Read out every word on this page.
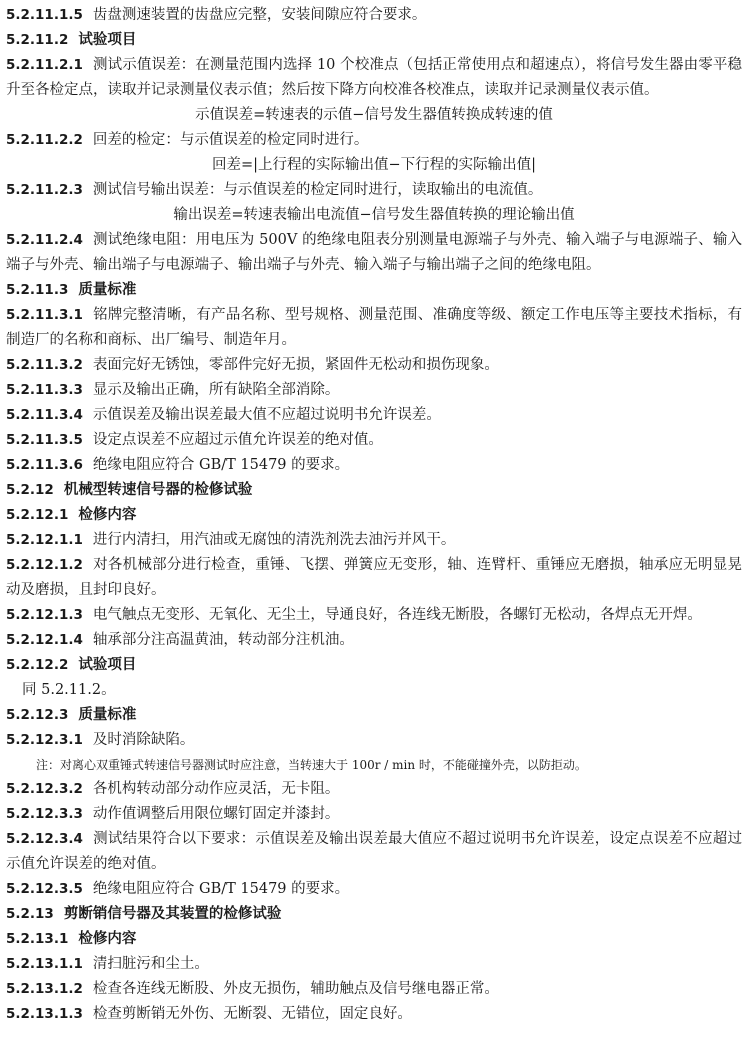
5.2.11.1.5 齿盘测速装置的齿盘应完整，安装间隙应符合要求。

5.2.11.2 试验项目

5.2.11.2.1 测试示值误差：在测量范围内选择 10 个校准点（包括正常使用点和超速点），将信号发生器由零平稳升至各检定点，读取并记录测量仪表示值；然后按下降方向校准各校准点，读取并记录测量仪表示值。

示值误差=转速表的示值−信号发生器值转换成转速的值

5.2.11.2.2 回差的检定：与示值误差的检定同时进行。

回差=|上行程的实际输出值−下行程的实际输出值|

5.2.11.2.3 测试信号输出误差：与示值误差的检定同时进行，读取输出的电流值。

输出误差=转速表输出电流值−信号发生器值转换的理论输出值

5.2.11.2.4 测试绝缘电阻：用电压为 500V 的绝缘电阻表分别测量电源端子与外壳、输入端子与电源端子、输入端子与外壳、输出端子与电源端子、输出端子与外壳、输入端子与输出端子之间的绝缘电阻。

5.2.11.3 质量标准

5.2.11.3.1 铭牌完整清晰，有产品名称、型号规格、测量范围、准确度等级、额定工作电压等主要技术指标，有制造厂的名称和商标、出厂编号、制造年月。

5.2.11.3.2 表面完好无锈蚀，零部件完好无损，紧固件无松动和损伤现象。

5.2.11.3.3 显示及输出正确，所有缺陷全部消除。

5.2.11.3.4 示值误差及输出误差最大值不应超过说明书允许误差。

5.2.11.3.5 设定点误差不应超过示值允许误差的绝对值。

5.2.11.3.6 绝缘电阻应符合 GB/T 15479 的要求。

5.2.12 机械型转速信号器的检修试验

5.2.12.1 检修内容

5.2.12.1.1 进行内清扫，用汽油或无腐蚀的清洗剂洗去油污并风干。

5.2.12.1.2 对各机械部分进行检查，重锤、飞摆、弹簧应无变形，轴、连臂杆、重锤应无磨损，轴承应无明显晃动及磨损，且封印良好。

5.2.12.1.3 电气触点无变形、无氧化、无尘土，导通良好，各连线无断股，各螺钉无松动，各焊点无开焊。

5.2.12.1.4 轴承部分注高温黄油，转动部分注机油。

5.2.12.2 试验项目

同 5.2.11.2。

5.2.12.3 质量标准

5.2.12.3.1 及时消除缺陷。

注：对离心双重锤式转速信号器测试时应注意，当转速大于 100r / min 时，不能碰撞外壳，以防拒动。

5.2.12.3.2 各机构转动部分动作应灵活，无卡阻。

5.2.12.3.3 动作值调整后用限位螺钉固定并漆封。

5.2.12.3.4 测试结果符合以下要求：示值误差及输出误差最大值应不超过说明书允许误差，设定点误差不应超过示值允许误差的绝对值。

5.2.12.3.5 绝缘电阻应符合 GB/T 15479 的要求。

5.2.13 剪断销信号器及其装置的检修试验

5.2.13.1 检修内容

5.2.13.1.1 清扫脏污和尘土。

5.2.13.1.2 检查各连线无断股、外皮无损伤，辅助触点及信号继电器正常。

5.2.13.1.3 检查剪断销无外伤、无断裂、无错位，固定良好。
